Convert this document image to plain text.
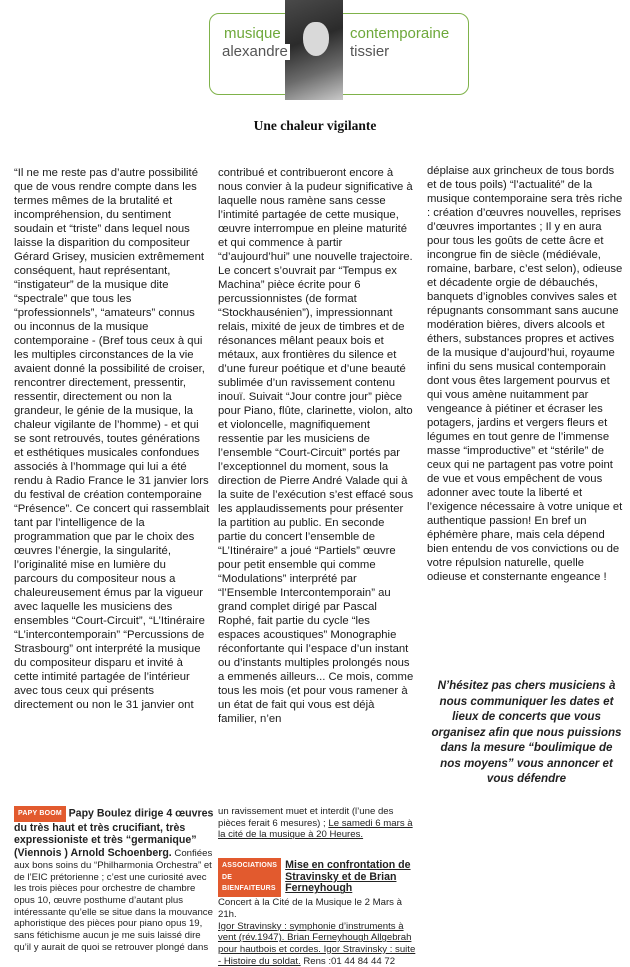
musique
alexandre
contemporaine
tissier
Une chaleur vigilante

“Il ne me reste pas d’autre possibilité que de vous rendre compte dans les termes mêmes de la brutalité et incompréhension, du sentiment soudain et “triste” dans lequel nous laisse la disparition du compositeur Gérard Grisey, musicien extrêmement conséquent, haut représentant, “instigateur” de la musique dite “spectrale” que tous les “professionnels”, “amateurs” connus ou inconnus de la musique contemporaine - (Bref tous ceux à qui les multiples circonstances de la vie avaient donné la possibilité de croiser, rencontrer directement, pressentir, ressentir, directement ou non la grandeur, le génie de la musique, la chaleur vigilante de l’homme) - et qui se sont retrouvés, toutes générations et esthétiques musicales confondues associés à l’hommage qui lui a été rendu à Radio France le 31 janvier lors du festival de création contemporaine “Présence”. Ce concert qui rassemblait tant par l’intelligence de la programmation que par le choix des œuvres l’énergie, la singularité, l’originalité mise en lumière du parcours du compositeur nous a chaleureusement émus par la vigueur avec laquelle les musiciens des ensembles “Court-Circuit”, “L’Itinéraire “L’intercontemporain” “Percussions de Strasbourg” ont interprété la musique du compositeur disparu et invité à cette intimité partagée de l’intérieur avec tous ceux qui présents directement ou non le 31 janvier ont

contribué et contribueront encore à nous convier à la pudeur significative à laquelle nous ramène sans cesse l’intimité partagée de cette musique, œuvre interrompue en pleine maturité et qui commence à partir “d’aujourd’hui” une nouvelle trajectoire. Le concert s’ouvrait par “Tempus ex Machina” pièce écrite pour 6 percussionnistes (de format “Stockhausénien”), impressionnant relais, mixité de jeux de timbres et de résonances mêlant peaux bois et métaux, aux frontières du silence et d’une fureur poétique et d’une beauté sublimée d’un ravissement contenu inouï. Suivait “Jour contre jour” pièce pour Piano, flûte, clarinette, violon, alto et violoncelle, magnifiquement ressentie par les musiciens de l’ensemble “Court-Circuit” portés par l’exceptionnel du moment, sous la direction de Pierre André Valade qui à la suite de l’exécution s’est effacé sous les applaudissements pour présenter la partition au public. En seconde partie du concert l’ensemble de “L’Itinéraire” a joué “Partiels” œuvre pour petit ensemble qui comme “Modulations” interprété par “l’Ensemble Intercontemporain” au grand complet dirigé par Pascal Rophé, fait partie du cycle “les espaces acoustiques” Monographie réconfortante qui l’espace d’un instant ou d’instants multiples prolongés nous a emmenés ailleurs... Ce mois, comme tous les mois (et pour vous ramener à un état de fait qui vous est déjà familier, n’en

déplaise aux grincheux de tous bords et de tous poils) “l’actualité” de la musique contemporaine sera très riche : création d’œuvres nouvelles, reprises d’œuvres importantes ; Il y en aura pour tous les goûts de cette âcre et incongrue fin de siècle (médiévale, romaine, barbare, c’est selon), odieuse et décadente orgie de débauchés, banquets d’ignobles convives sales et répugnants consommant sans aucune modération bières, divers alcools et éthers, substances propres et actives de la musique d’aujourd’hui, royaume infini du sens musical contemporain dont vous êtes largement pourvus et qui vous amène nuitamment par vengeance à piétiner et écraser les potagers, jardins et vergers fleurs et légumes en tout genre de l’immense masse “improductive” et “stérile” de ceux qui ne partagent pas votre point de vue et vous empêchent de vous adonner avec toute la liberté et l’exigence nécessaire à votre unique et authentique passion! En bref un éphémère phare, mais cela dépend bien entendu de vos convictions ou de votre répulsion naturelle, quelle odieuse et consternante engeance !

N’hésitez pas chers musiciens à nous communiquer les dates et lieux de concerts que vous organisez afin que nous puissions dans la mesure “boulimique de nos moyens” vous annoncer et vous défendre
PAPY BOOM Papy Boulez dirige 4 œuvres du très haut et très crucifiant, très expressioniste et très “germanique” (Viennois ) Arnold Schoenberg. Confiées aux bons soins du “Philharmonia Orchestra” et de l’EIC prétorienne ; c’est une curiosité avec les trois pièces pour orchestre de chambre opus 10, œuvre posthume d’autant plus intéressante qu’elle se situe dans la mouvance aphoristique des pièces pour piano opus 19, sans fétichisme aucun je me suis laissé dire qu’il y aurait de quoi se retrouver plongé dans
un ravissement muet et interdit (l’une des pièces ferait 6 mesures) ; Le samedi 6 mars à la cité de la musique à 20 Heures.
ASSOCIATIONS DE BIENFAITEURS
Mise en confrontation de Stravinsky et de Brian Ferneyhough
Concert à la Cité de la Musique le 2 Mars à 21h.
Igor Stravinsky : symphonie d’instruments à vent (rév.1947). Brian Ferneyhough Allgebrah pour hautbois et cordes. Igor Stravinsky : suite - Histoire du soldat. Rens :01 44 84 44 72
